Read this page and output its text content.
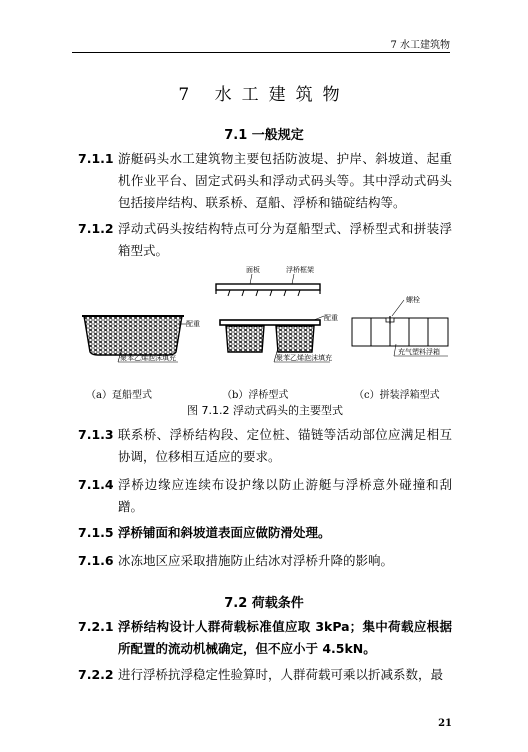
7 水工建筑物
7 水工建筑物
7.1 一般规定
7.1.1 游艇码头水工建筑物主要包括防波堤、护岸、斜坡道、起重机作业平台、固定式码头和浮动式码头等。其中浮动式码头包括接岸结构、联系桥、趸船、浮桥和锚碇结构等。
7.1.2 浮动式码头按结构特点可分为趸船型式、浮桥型式和拼装浮箱型式。
配重
聚苯乙烯泡沫填充
面板	浮桥框架
配重
聚苯乙烯泡沫填充
螺栓
充气塑料浮箱
（a）趸船型式	（b）浮桥型式	（c）拼装浮箱型式
图 7.1.2 浮动式码头的主要型式
7.1.3 联系桥、浮桥结构段、定位桩、锚链等活动部位应满足相互协调，位移相互适应的要求。
7.1.4 浮桥边缘应连续布设护缘以防止游艇与浮桥意外碰撞和刮蹭。
7.1.5 浮桥铺面和斜坡道表面应做防滑处理。
7.1.6 冰冻地区应采取措施防止结冰对浮桥升降的影响。
7.2 荷载条件
7.2.1 浮桥结构设计人群荷载标准值应取 3kPa；集中荷载应根据所配置的流动机械确定，但不应小于 4.5kN。
7.2.2 进行浮桥抗浮稳定性验算时，人群荷载可乘以折减系数，最
21
